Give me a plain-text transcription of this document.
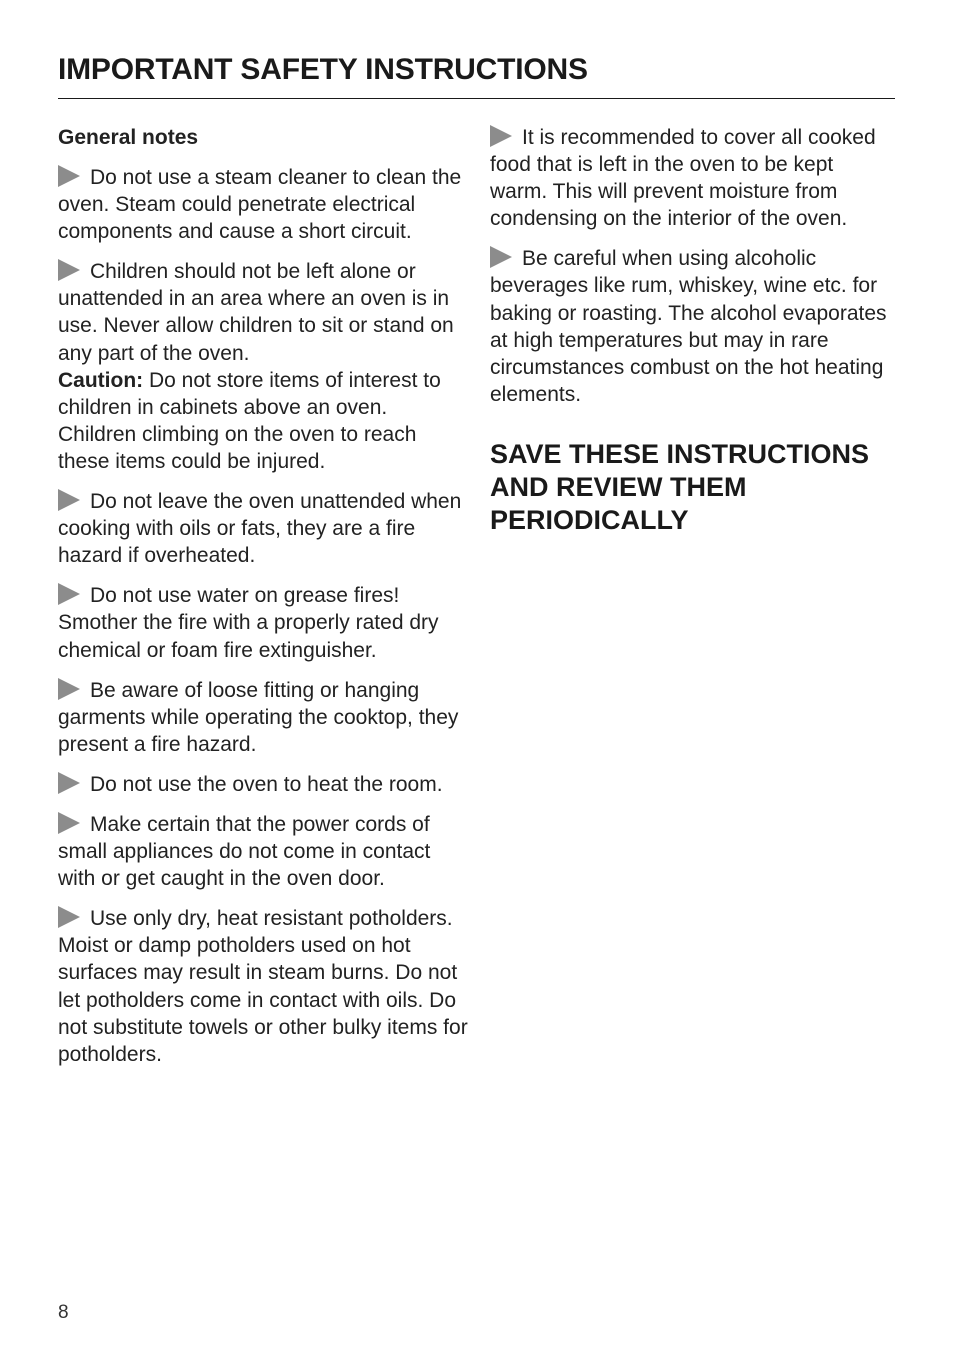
IMPORTANT SAFETY INSTRUCTIONS
General notes
Do not use a steam cleaner to clean the oven. Steam could penetrate electrical components and cause a short circuit.
Children should not be left alone or unattended in an area where an oven is in use. Never allow children to sit or stand on any part of the oven.
Caution: Do not store items of interest to children in cabinets above an oven. Children climbing on the oven to reach these items could be injured.
Do not leave the oven unattended when cooking with oils or fats, they are a fire hazard if overheated.
Do not use water on grease fires! Smother the fire with a properly rated dry chemical or foam fire extinguisher.
Be aware of loose fitting or hanging garments while operating the cooktop, they present a fire hazard.
Do not use the oven to heat the room.
Make certain that the power cords of small appliances do not come in contact with or get caught in the oven door.
Use only dry, heat resistant potholders. Moist or damp potholders used on hot surfaces may result in steam burns. Do not let potholders come in contact with oils. Do not substitute towels or other bulky items for potholders.
It is recommended to cover all cooked food that is left in the oven to be kept warm. This will prevent moisture from condensing on the interior of the oven.
Be careful when using alcoholic beverages like rum, whiskey, wine etc. for baking or roasting. The alcohol evaporates at high temperatures but may in rare circumstances combust on the hot heating elements.
SAVE THESE INSTRUCTIONS AND REVIEW THEM PERIODICALLY
8
